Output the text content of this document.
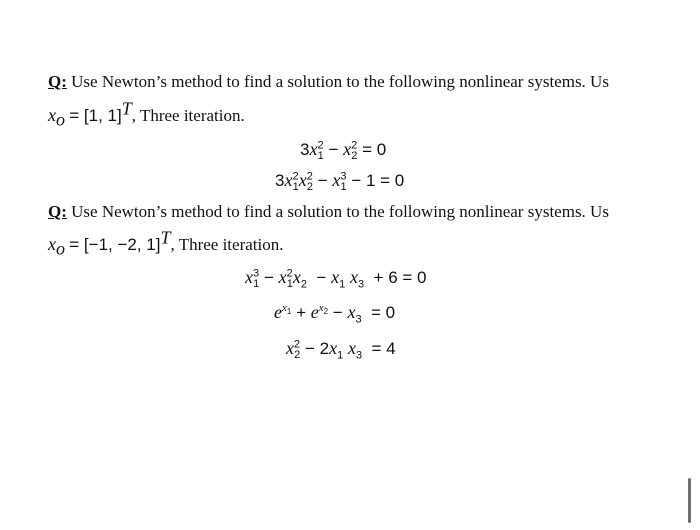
Q: Use Newton’s method to find a solution to the following nonlinear systems. Us
$x_o = [1$, 1]$^T$, Three iteration.
$3x^2_1 - x^2_2 = 0$
$3x^2_1x^2_2 - x^3_1 - 1 = 0$
Q: Use Newton’s method to find a solution to the following nonlinear systems. Us
$x_o = [-1$, −2, 1]$^T$, Three iteration.
$x^3_1 - x^2_1x_2 - x_1$ $x_3 + 6 = 0$
$e^{x_1} + e^{x_2} - x_3 = 0$
$x^2_2 - 2x_1$ $x_3 = 4$
